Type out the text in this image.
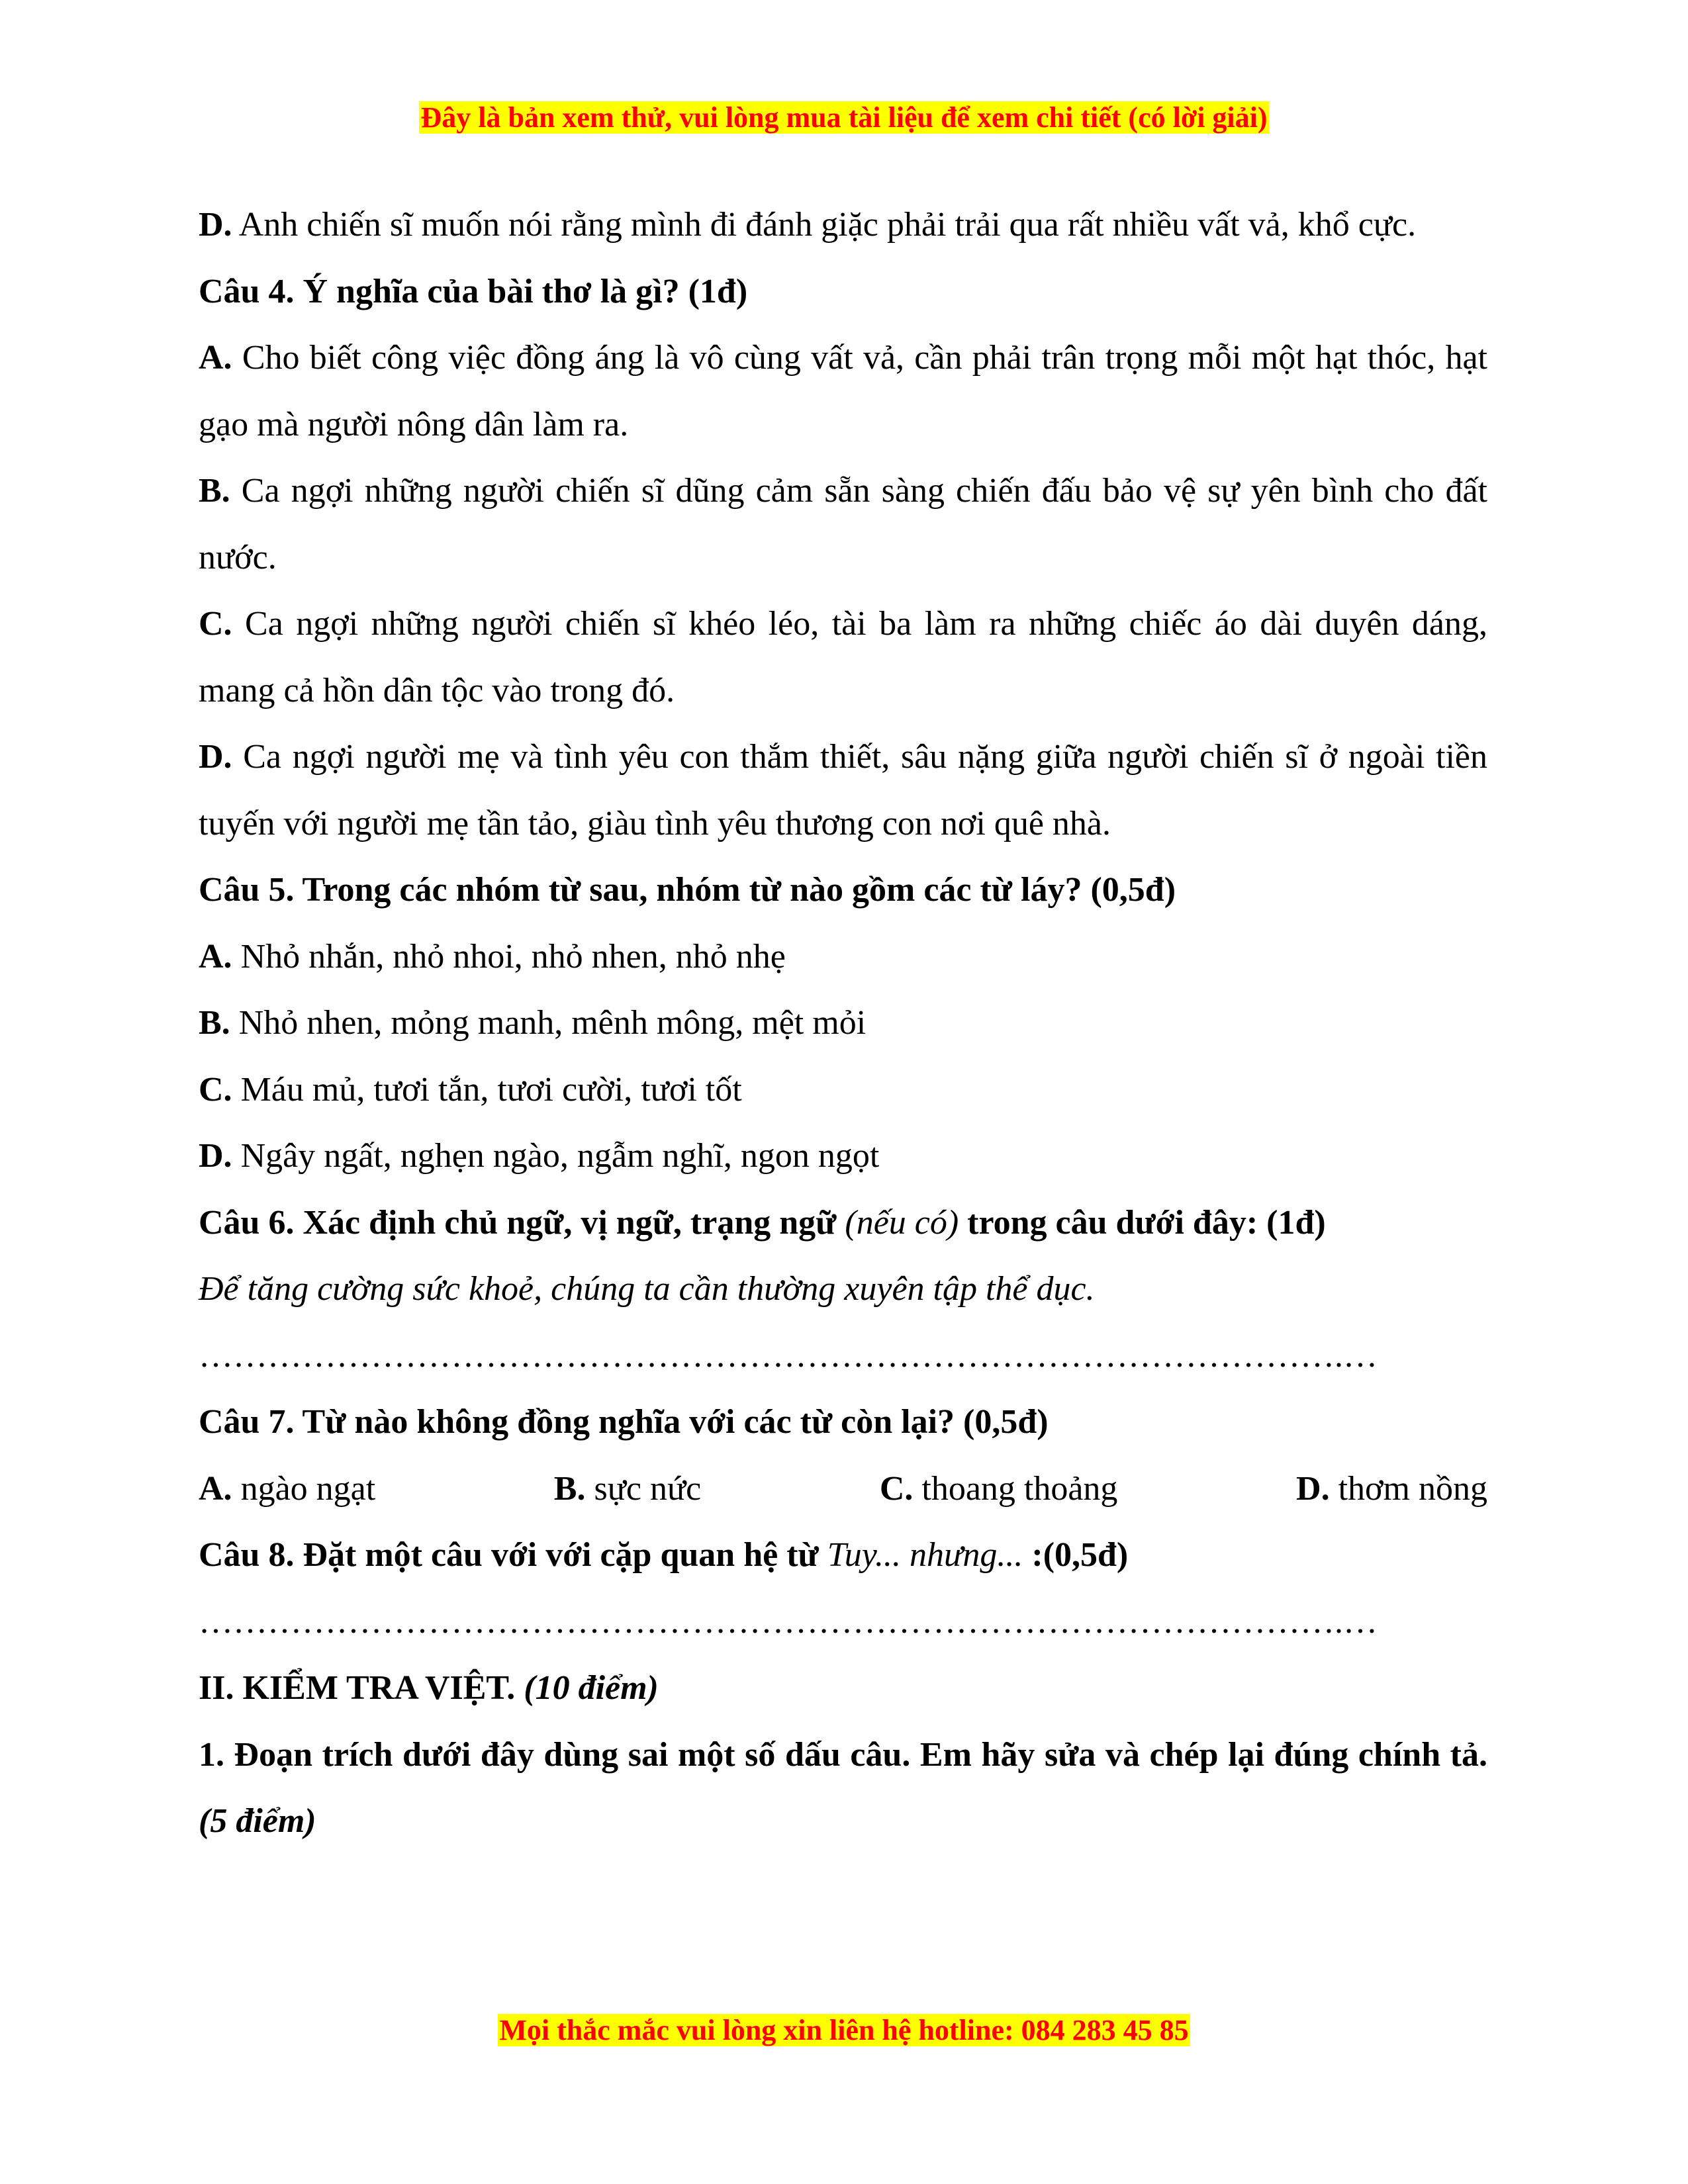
Đây là bản xem thử, vui lòng mua tài liệu để xem chi tiết (có lời giải)

D. Anh chiến sĩ muốn nói rằng mình đi đánh giặc phải trải qua rất nhiều vất vả, khổ cực.

Câu 4. Ý nghĩa của bài thơ là gì? (1đ)

A. Cho biết công việc đồng áng là vô cùng vất vả, cần phải trân trọng mỗi một hạt thóc, hạt gạo mà người nông dân làm ra.

B. Ca ngợi những người chiến sĩ dũng cảm sẵn sàng chiến đấu bảo vệ sự yên bình cho đất nước.

C. Ca ngợi những người chiến sĩ khéo léo, tài ba làm ra những chiếc áo dài duyên dáng, mang cả hồn dân tộc vào trong đó.

D. Ca ngợi người mẹ và tình yêu con thắm thiết, sâu nặng giữa người chiến sĩ ở ngoài tiền tuyến với người mẹ tần tảo, giàu tình yêu thương con nơi quê nhà.

Câu 5. Trong các nhóm từ sau, nhóm từ nào gồm các từ láy? (0,5đ)

A. Nhỏ nhắn, nhỏ nhoi, nhỏ nhen, nhỏ nhẹ

B. Nhỏ nhen, mỏng manh, mênh mông, mệt mỏi

C. Máu mủ, tươi tắn, tươi cười, tươi tốt

D. Ngây ngất, nghẹn ngào, ngẫm nghĩ, ngon ngọt

Câu 6. Xác định chủ ngữ, vị ngữ, trạng ngữ (nếu có) trong câu dưới đây: (1đ)

Để tăng cường sức khoẻ, chúng ta cần thường xuyên tập thể dục.

……………………………………………………………………………………….…

Câu 7. Từ nào không đồng nghĩa với các từ còn lại? (0,5đ)

A. ngào ngạt	B. sực nức	C. thoang thoảng	D. thơm nồng

Câu 8. Đặt một câu với với cặp quan hệ từ Tuy... nhưng... :(0,5đ)

……………………………………………………………………………………….…

II. KIỂM TRA VIỆT. (10 điểm)

1. Đoạn trích dưới đây dùng sai một số dấu câu. Em hãy sửa và chép lại đúng chính tả. (5 điểm)

Mọi thắc mắc vui lòng xin liên hệ hotline: 084 283 45 85
